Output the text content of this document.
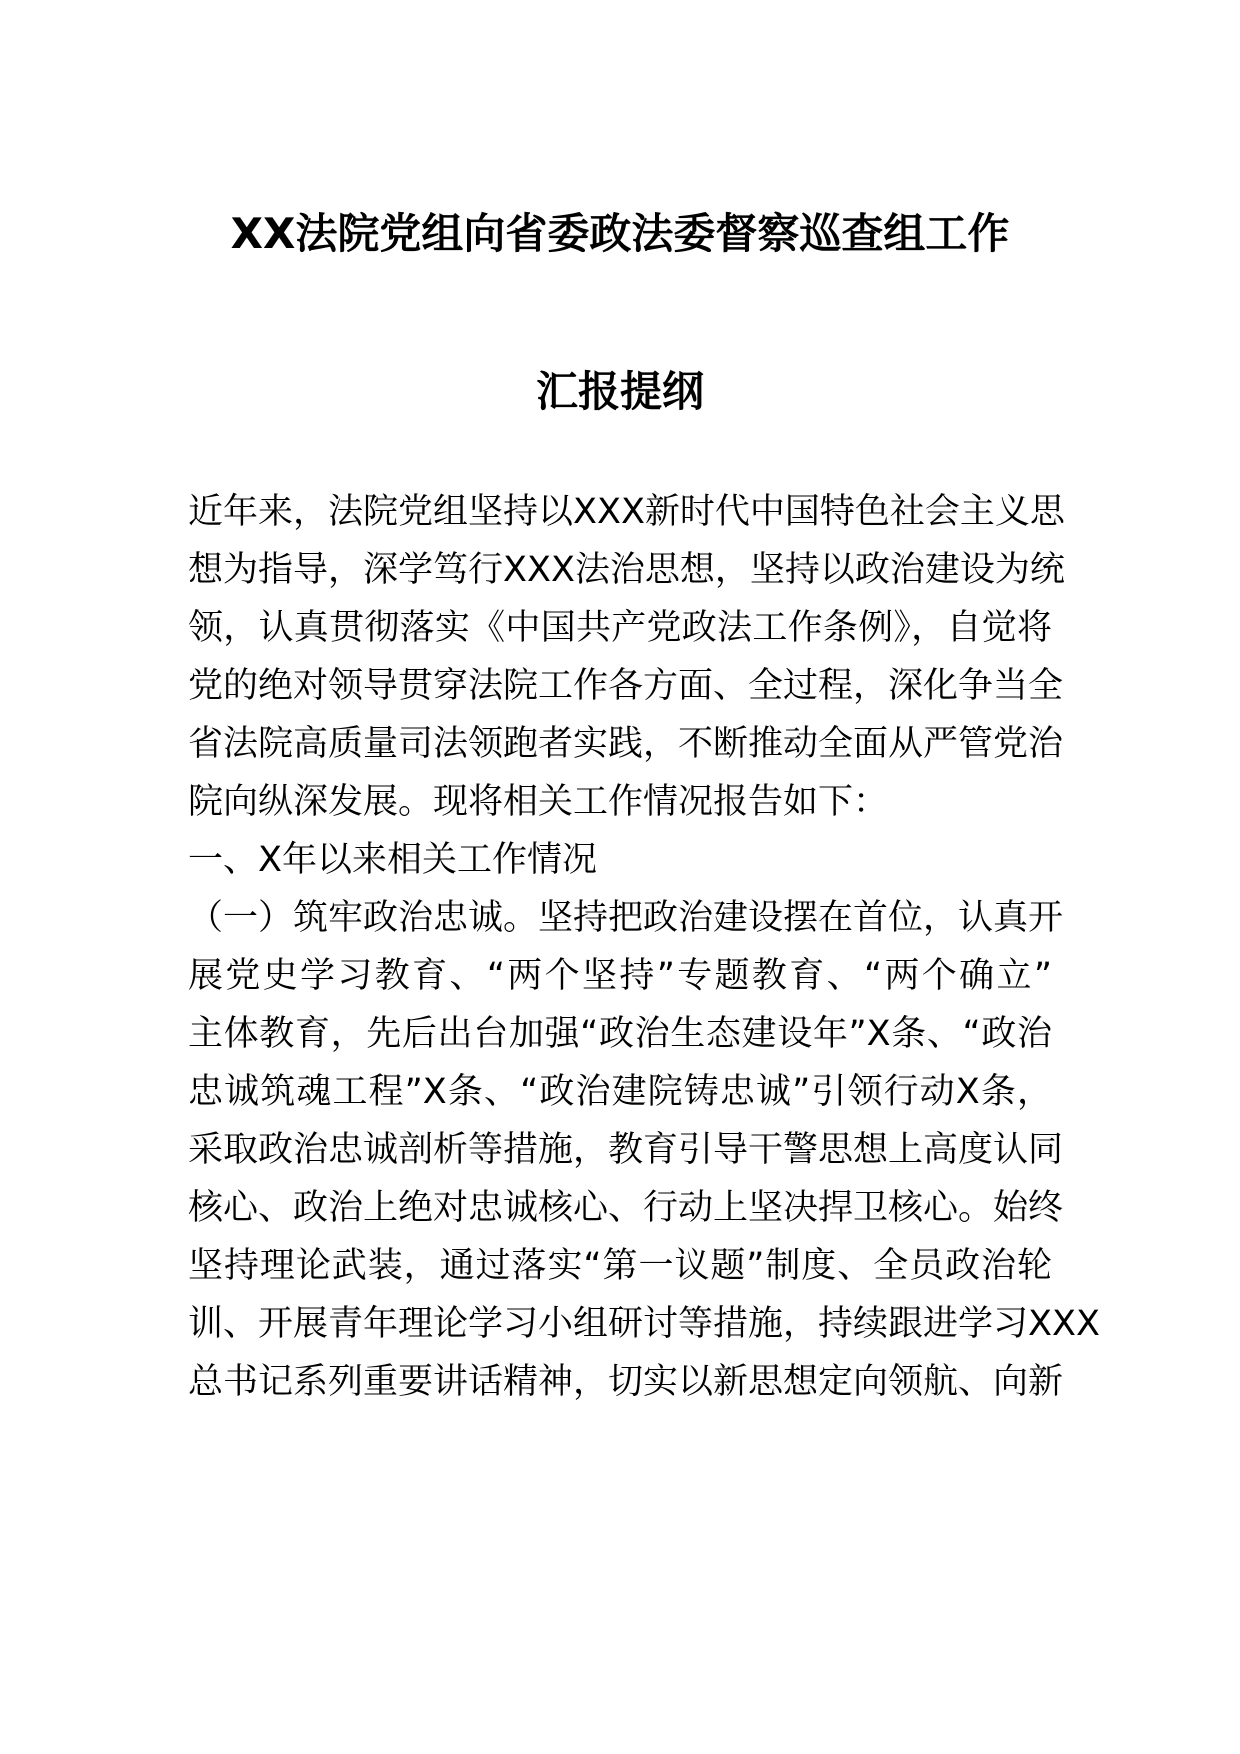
XX法院党组向省委政法委督察巡查组工作
汇报提纲
近年来，法院党组坚持以XXX新时代中国特色社会主义思
想为指导，深学笃行XXX法治思想，坚持以政治建设为统
领，认真贯彻落实《中国共产党政法工作条例》，自觉将
党的绝对领导贯穿法院工作各方面、全过程，深化争当全
省法院高质量司法领跑者实践，不断推动全面从严管党治
院向纵深发展。现将相关工作情况报告如下：
一、X年以来相关工作情况
（一）筑牢政治忠诚。坚持把政治建设摆在首位，认真开
展党史学习教育、“两个坚持”专题教育、“两个确立”
主体教育，先后出台加强“政治生态建设年”X条、“政治
忠诚筑魂工程”X条、“政治建院铸忠诚”引领行动X条，
采取政治忠诚剖析等措施，教育引导干警思想上高度认同
核心、政治上绝对忠诚核心、行动上坚决捍卫核心。始终
坚持理论武装，通过落实“第一议题”制度、全员政治轮
训、开展青年理论学习小组研讨等措施，持续跟进学习XXX
总书记系列重要讲话精神，切实以新思想定向领航、向新
